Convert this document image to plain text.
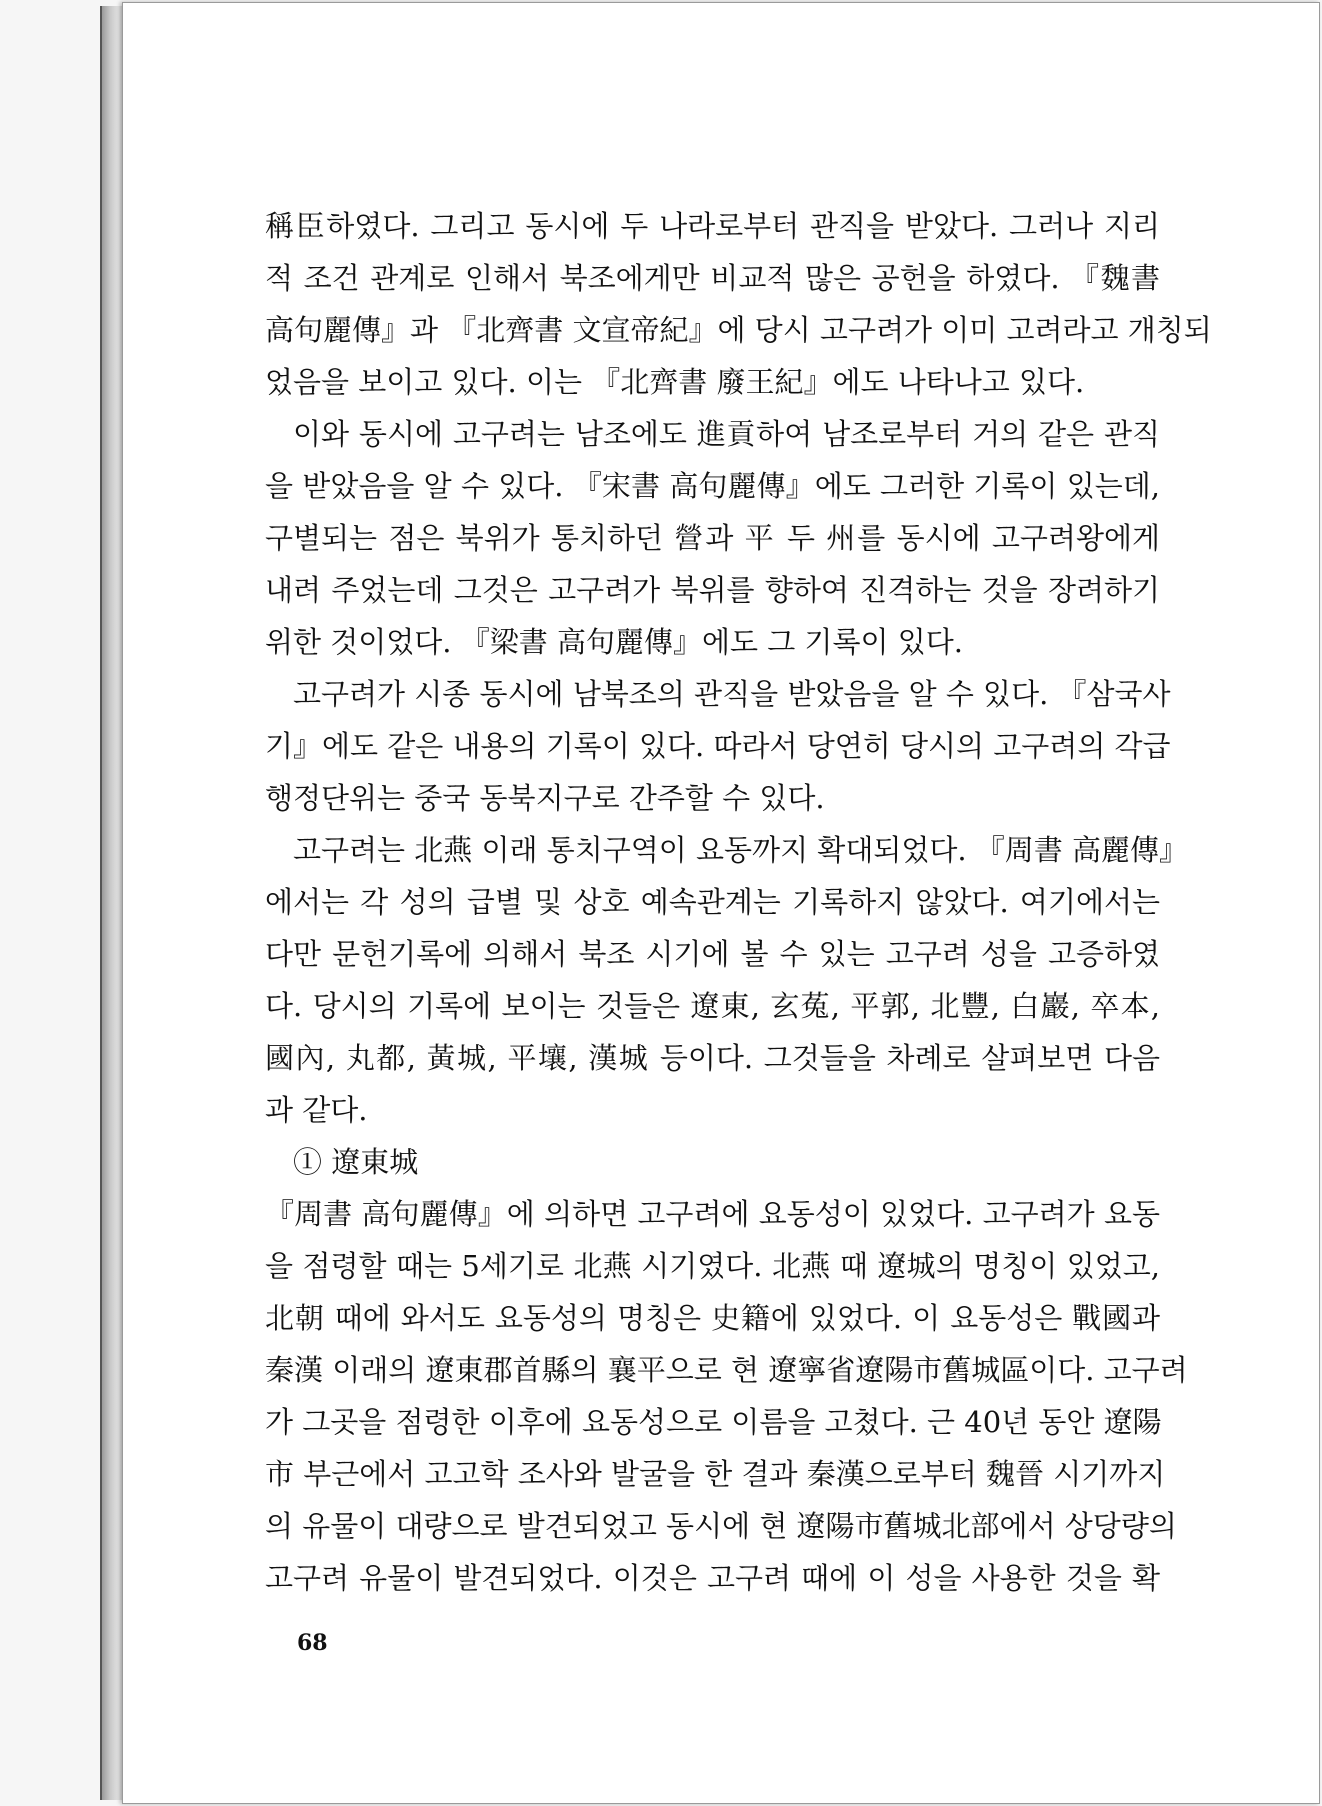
稱臣하였다. 그리고 동시에 두 나라로부터 관직을 받았다. 그러나 지리
적 조건 관계로 인해서 북조에게만 비교적 많은 공헌을 하였다. 『魏書
高句麗傳』과 『北齊書 文宣帝紀』에 당시 고구려가 이미 고려라고 개칭되
었음을 보이고 있다. 이는 『北齊書 廢王紀』에도 나타나고 있다.
이와 동시에 고구려는 남조에도 進貢하여 남조로부터 거의 같은 관직
을 받았음을 알 수 있다. 『宋書 高句麗傳』에도 그러한 기록이 있는데,
구별되는 점은 북위가 통치하던 營과 平 두 州를 동시에 고구려왕에게
내려 주었는데 그것은 고구려가 북위를 향하여 진격하는 것을 장려하기
위한 것이었다. 『梁書 高句麗傳』에도 그 기록이 있다.
고구려가 시종 동시에 남북조의 관직을 받았음을 알 수 있다. 『삼국사
기』에도 같은 내용의 기록이 있다. 따라서 당연히 당시의 고구려의 각급
행정단위는 중국 동북지구로 간주할 수 있다.
고구려는 北燕 이래 통치구역이 요동까지 확대되었다. 『周書 高麗傳』
에서는 각 성의 급별 및 상호 예속관계는 기록하지 않았다. 여기에서는
다만 문헌기록에 의해서 북조 시기에 볼 수 있는 고구려 성을 고증하였
다. 당시의 기록에 보이는 것들은 遼東, 玄菟, 平郭, 北豐, 白巖, 卒本,
國內, 丸都, 黃城, 平壤, 漢城 등이다. 그것들을 차례로 살펴보면 다음
과 같다.
① 遼東城
『周書 高句麗傳』에 의하면 고구려에 요동성이 있었다. 고구려가 요동
을 점령할 때는 5세기로 北燕 시기였다. 北燕 때 遼城의 명칭이 있었고,
北朝 때에 와서도 요동성의 명칭은 史籍에 있었다. 이 요동성은 戰國과
秦漢 이래의 遼東郡首縣의 襄平으로 현 遼寧省遼陽市舊城區이다. 고구려
가 그곳을 점령한 이후에 요동성으로 이름을 고쳤다. 근 40년 동안 遼陽
市 부근에서 고고학 조사와 발굴을 한 결과 秦漢으로부터 魏晉 시기까지
의 유물이 대량으로 발견되었고 동시에 현 遼陽市舊城北部에서 상당량의
고구려 유물이 발견되었다. 이것은 고구려 때에 이 성을 사용한 것을 확
68
